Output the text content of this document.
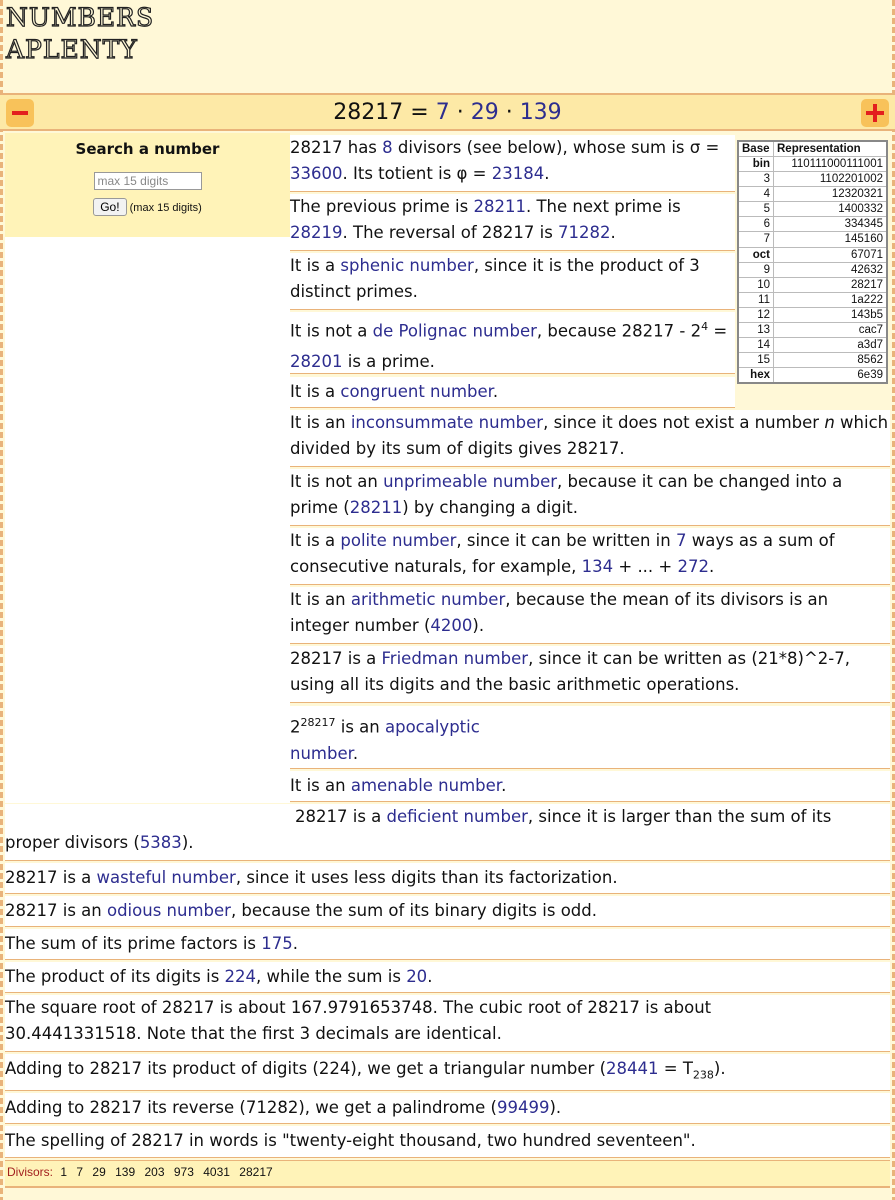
NUMBERS
APLENTY
28217 = 7 · 29 · 139
Search a number
max 15 digits
Go! (max 15 digits)
Base	Representation
bin	110111000111001
3	1102201002
4	12320321
5	1400332
6	334345
7	145160
oct	67071
9	42632
10	28217
11	1a222
12	143b5
13	cac7
14	a3d7
15	8562
hex	6e39
28217 has 8 divisors (see below), whose sum is σ = 33600. Its totient is φ = 23184.
The previous prime is 28211. The next prime is 28219. The reversal of 28217 is 71282.
It is a sphenic number, since it is the product of 3 distinct primes.
It is not a de Polignac number, because $28217 - 2^4 = 28201$ is a prime.
It is a congruent number.
It is an inconsummate number, since it does not exist a number n which divided by its sum of digits gives 28217.
It is not an unprimeable number, because it can be changed into a prime (28211) by changing a digit.
It is a polite number, since it can be written in 7 ways as a sum of consecutive naturals, for example, 134 + ... + 272.
It is an arithmetic number, because the mean of its divisors is an integer number (4200).
28217 is a Friedman number, since it can be written as (21*8)^2-7, using all its digits and the basic arithmetic operations.
$2^{28217}$ is an apocalyptic
number.
It is an amenable number.
28217 is a deficient number, since it is larger than the sum of its
proper divisors (5383).
28217 is a wasteful number, since it uses less digits than its factorization.
28217 is an odious number, because the sum of its binary digits is odd.
The sum of its prime factors is 175.
The product of its digits is 224, while the sum is 20.
The square root of 28217 is about 167.9791653748. The cubic root of 28217 is about 30.4441331518. Note that the first 3 decimals are identical.
Adding to 28217 its product of digits (224), we get a triangular number $(28441 = T_{238})$.
Adding to 28217 its reverse (71282), we get a palindrome (99499).
The spelling of 28217 in words is "twenty-eight thousand, two hundred seventeen".
Divisors: 1 7 29 139 203 973 4031 28217
